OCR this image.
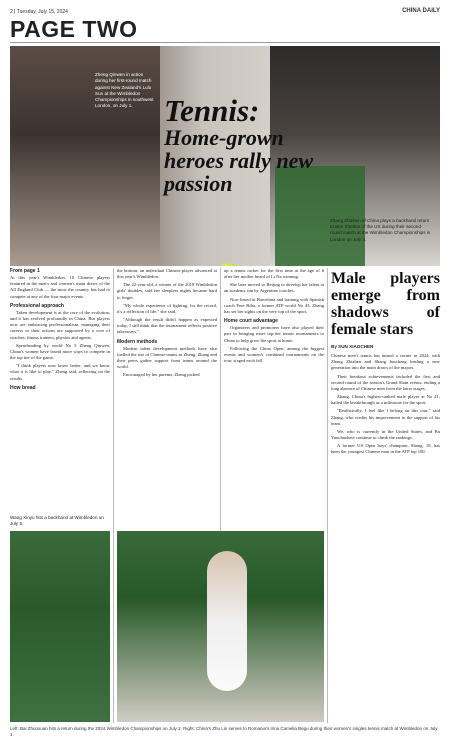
2 | Tuesday, July 15, 2024	CHINA DAILY
PAGE TWO
Zheng Qinwen in action during her first-round match against New Zealand's Lulu Sun at the Wimbledon Championships in southwest London, on July 1.	Tennis:
Home-grown heroes rally new passion
Zhang Zhizhen of China plays a backhand return to Ben Shelton of the US during their second-round match at the Wimbledon Championships in London on July 3.
From page 1

At this year's Wimbledon, 10 Chinese players featured in the men's and women's main draws of the All England Club — the most the country has had to compete at any of the four major events.

Professional approach

Taken development is at the core of the evolution, and it has evolved profoundly in China. But players now are embracing professionalism, managing their careers so their actions are supported by a core of coaches, fitness trainers, physios and agents.

Spearheading by world No 5 Zheng Qinwen, China's women have found more ways to compete in the top tier of the game.

"I think players now know better, and we know what it is like to play," Zheng said, reflecting on the results.

How bread

the bottom: an individual Chinese player advanced at this year's Wimbledon.

The 22-year-old, a winner of the 2019 Wimbledon girls' doubles, said her sleepless nights became hard to forget.

"My whole experience of fighting, for the record, it's a reflection of life," she said.

"Although the result didn't happen as expected today, I still think that the tournament reflects positive takeaways."

Modern methods

Modern talent development methods have also fuelled the rise of Chinese tennis as Zheng, Zhang and their peers gather support from teams around the world.

Encouraged by her parents, Zheng picked

up a tennis racket for the first time at the age of 6 after her mother heard of Li Na winning.

She later moved to Beijing to develop her talent at an academy run by Argentine coaches.

Now based in Barcelona and training with Spanish coach Pere Riba, a former ATP world No 43, Zheng has set her sights on the very top of the sport.

Home court advantage

Organizers and promoters have also played their part in bringing more top-tier tennis tournaments to China to help grow the sport at home.

Following the China Open, among the biggest events and women's combined tournaments on the tour, staged each fall.

Male players emerge from shadows of female stars
By SUN XIAOCHEN

Chinese men's tennis has turned a corner in 2024, with Zhang Zhizhen and Shang Juncheng leading a new generation into the main draws of the majors.

Their breakout achievements included the first and second round of the season's Grand Slam events, ending a long absence of Chinese men from the latter stages.

Zhang, China's highest-ranked male player at No 41, hailed the breakthrough as a milestone for the sport.

"Realistically, I feel like I belong on this tour," said Zhang, who credits his improvement to the support of his team.

We, who is currently in the United States, and Bu Yunchaokete continue to climb the rankings.

A former US Open boys' champion, Shang, 19, has been the youngest Chinese man in the ATP top 100.

Wang Xinyu hits a backhand at Wimbledon on July 5.
Left: Bai Zhuoxuan hits a return during the 2024 Wimbledon Championships on July 2. Right: China's Zhu Lin serves to Romania's Irina Camelia Begu during their women's singles tennis match at Wimbledon on July 1.
